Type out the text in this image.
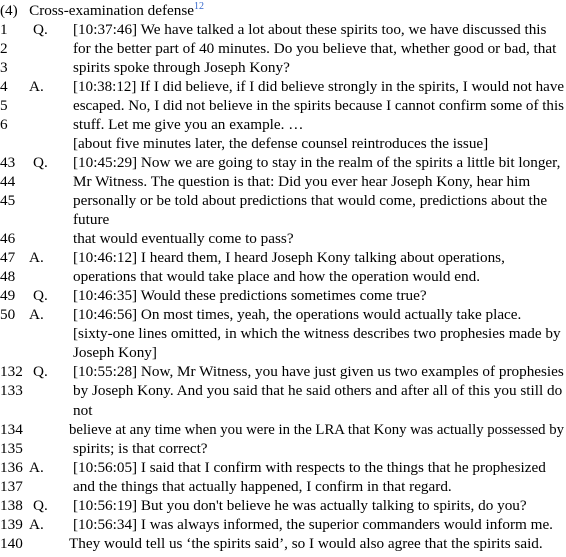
(4) Cross-examination defense$^{12}$
1 Q. [10:37:46] We have talked a lot about these spirits too, we have discussed this
2	for the better part of 40 minutes. Do you believe that, whether good or bad, that
3	spirits spoke through Joseph Kony?
4 A. [10:38:12] If I did believe, if I did believe strongly in the spirits, I would not have
5	escaped. No, I did not believe in the spirits because I cannot confirm some of this
6	stuff. Let me give you an example. …
[about five minutes later, the defense counsel reintroduces the issue]
43 Q. [10:45:29] Now we are going to stay in the realm of the spirits a little bit longer,
44	Mr Witness. The question is that: Did you ever hear Joseph Kony, hear him
45	personally or be told about predictions that would come, predictions about the
future
46	that would eventually come to pass?
47 A. [10:46:12] I heard them, I heard Joseph Kony talking about operations,
48	operations that would take place and how the operation would end.
49 Q. [10:46:35] Would these predictions sometimes come true?
50 A. [10:46:56] On most times, yeah, the operations would actually take place.
[sixty-one lines omitted, in which the witness describes two prophesies made by
Joseph Kony]
132 Q. [10:55:28] Now, Mr Witness, you have just given us two examples of prophesies
133	by Joseph Kony. And you said that he said others and after all of this you still do
not
134	believe at any time when you were in the LRA that Kony was actually possessed by
135	spirits; is that correct?
136 A. [10:56:05] I said that I confirm with respects to the things that he prophesized
137	and the things that actually happened, I confirm in that regard.
138 Q. [10:56:19] But you don't believe he was actually talking to spirits, do you?
139 A. [10:56:34] I was always informed, the superior commanders would inform me.
140	They would tell us ‘the spirits said’, so I would also agree that the spirits said.
